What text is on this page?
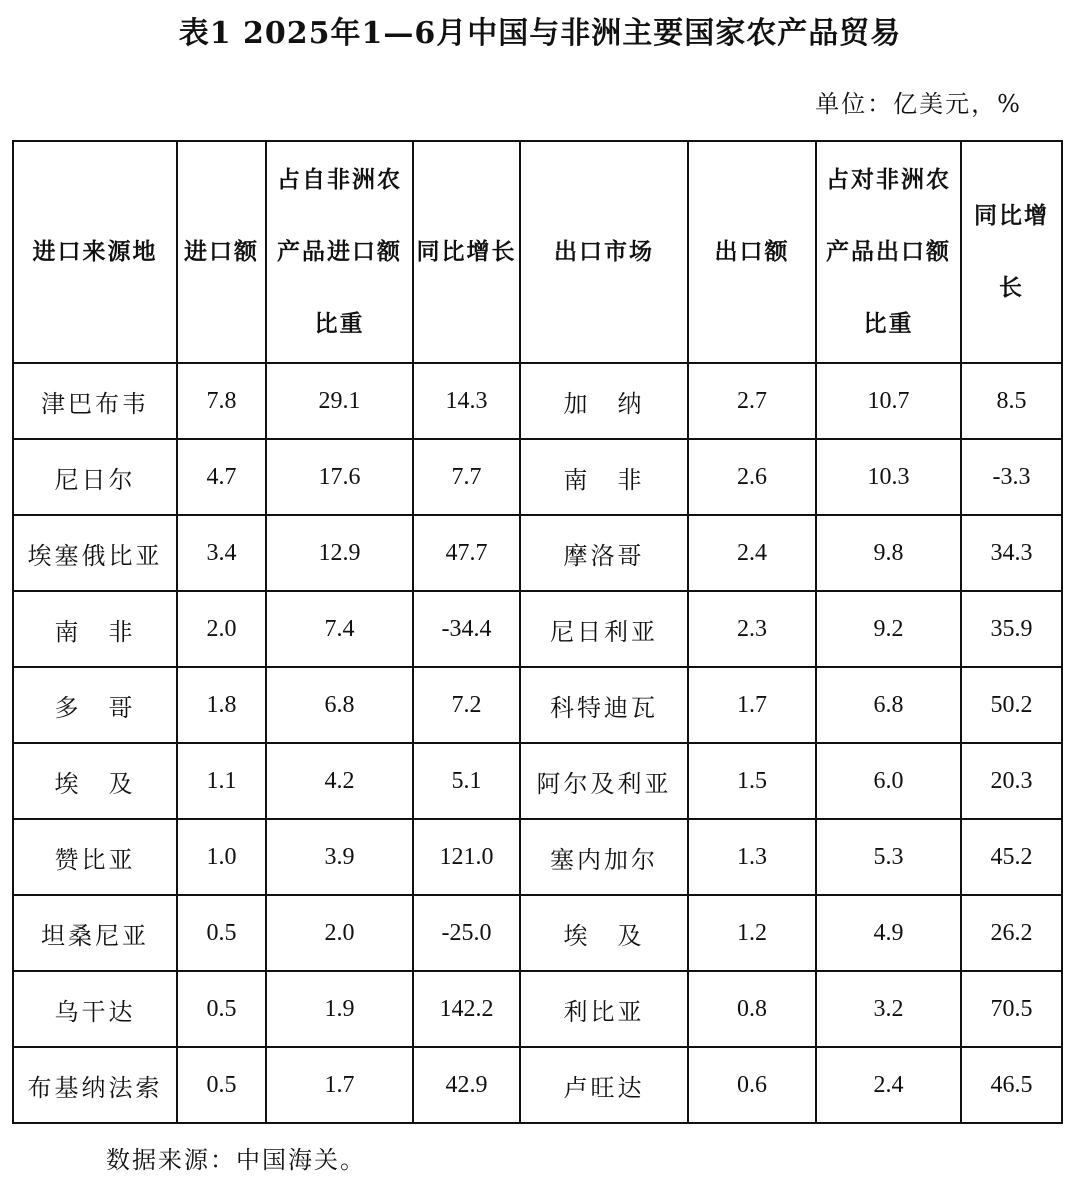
表1 2025年1—6月中国与非洲主要国家农产品贸易
单位：亿美元，%
进口来源地	进口额	占自非洲农产品进口额比重	同比增长	出口市场	出口额	占对非洲农产品出口额比重	同比增长
津巴布韦	7.8	29.1	14.3	加　纳	2.7	10.7	8.5
尼日尔	4.7	17.6	7.7	南　非	2.6	10.3	-3.3
埃塞俄比亚	3.4	12.9	47.7	摩洛哥	2.4	9.8	34.3
南　非	2.0	7.4	-34.4	尼日利亚	2.3	9.2	35.9
多　哥	1.8	6.8	7.2	科特迪瓦	1.7	6.8	50.2
埃　及	1.1	4.2	5.1	阿尔及利亚	1.5	6.0	20.3
赞比亚	1.0	3.9	121.0	塞内加尔	1.3	5.3	45.2
坦桑尼亚	0.5	2.0	-25.0	埃　及	1.2	4.9	26.2
乌干达	0.5	1.9	142.2	利比亚	0.8	3.2	70.5
布基纳法索	0.5	1.7	42.9	卢旺达	0.6	2.4	46.5
数据来源：中国海关。
